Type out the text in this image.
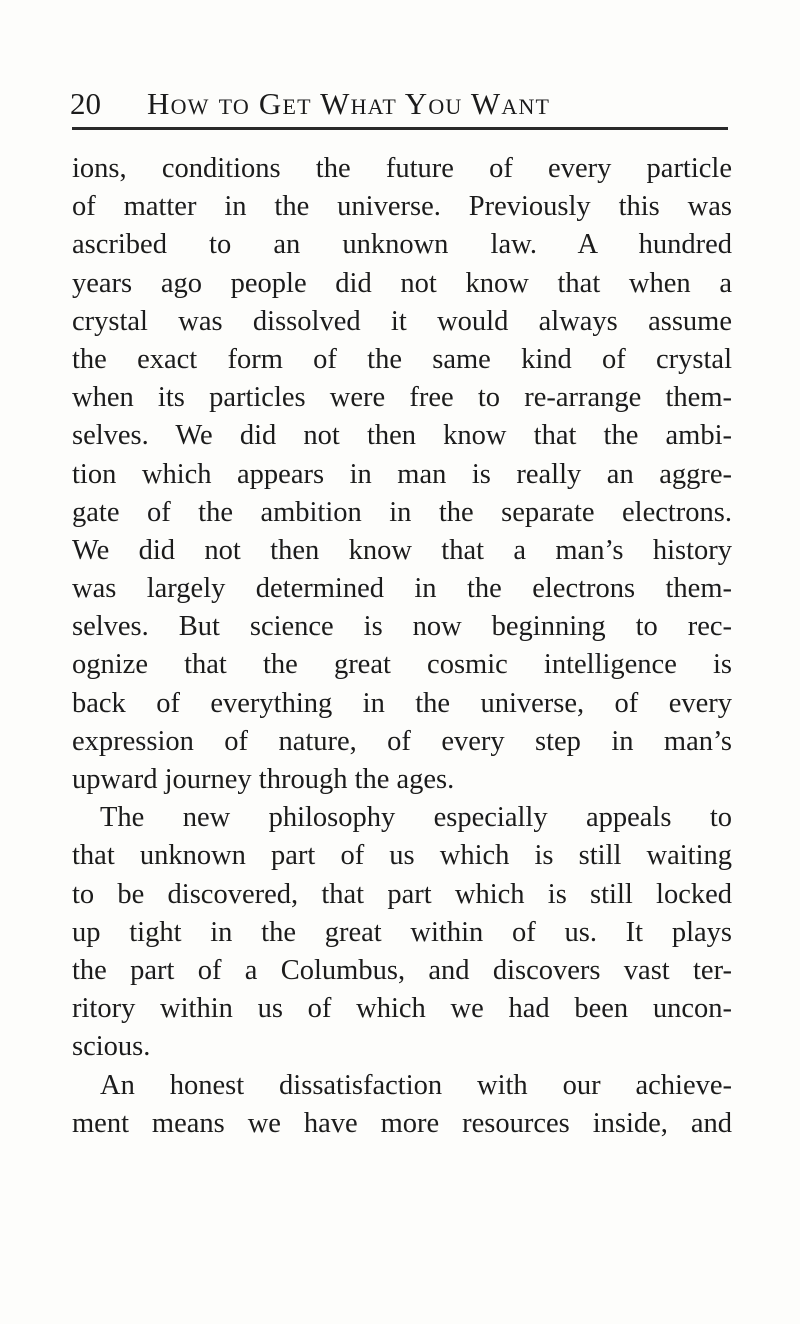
20 How to Get What You Want
ions, conditions the future of every particle
of matter in the universe. Previously this was
ascribed to an unknown law. A hundred
years ago people did not know that when a
crystal was dissolved it would always assume
the exact form of the same kind of crystal
when its particles were free to re-arrange them-
selves. We did not then know that the ambi-
tion which appears in man is really an aggre-
gate of the ambition in the separate electrons.
We did not then know that a man’s history
was largely determined in the electrons them-
selves. But science is now beginning to rec-
ognize that the great cosmic intelligence is
back of everything in the universe, of every
expression of nature, of every step in man’s
upward journey through the ages.
The new philosophy especially appeals to
that unknown part of us which is still waiting
to be discovered, that part which is still locked
up tight in the great within of us. It plays
the part of a Columbus, and discovers vast ter-
ritory within us of which we had been uncon-
scious.
An honest dissatisfaction with our achieve-
ment means we have more resources inside, and
